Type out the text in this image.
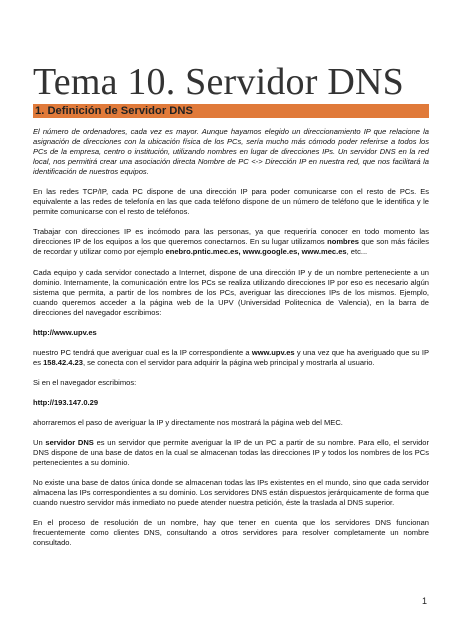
Tema 10. Servidor DNS
1. Definición de Servidor DNS

El número de ordenadores, cada vez es mayor. Aunque hayamos elegido un direccionamiento IP que relacione la asignación de direcciones con la ubicación física de los PCs, sería mucho más cómodo poder referirse a todos los PCs de la empresa, centro o institución, utilizando nombres en lugar de direcciones IPs. Un servidor DNS en la red local, nos permitirá crear una asociación directa Nombre de PC <-> Dirección IP en nuestra red, que nos facilitará la identificación de nuestros equipos.

En las redes TCP/IP, cada PC dispone de una dirección IP para poder comunicarse con el resto de PCs. Es equivalente a las redes de telefonía en las que cada teléfono dispone de un número de teléfono que le identifica y le permite comunicarse con el resto de teléfonos.

Trabajar con direcciones IP es incómodo para las personas, ya que requeriría conocer en todo momento las direcciones IP de los equipos a los que queremos conectarnos. En su lugar utilizamos nombres que son más fáciles de recordar y utilizar como por ejemplo enebro.pntic.mec.es, www.google.es, www.mec.es, etc...

Cada equipo y cada servidor conectado a Internet, dispone de una dirección IP y de un nombre perteneciente a un dominio. Internamente, la comunicación entre los PCs se realiza utilizando direcciones IP por eso es necesario algún sistema que permita, a partir de los nombres de los PCs, averiguar las direcciones IPs de los mismos. Ejemplo, cuando queremos acceder a la página web de la UPV (Universidad Politecnica de Valencia), en la barra de direcciones del navegador escribimos:

http://www.upv.es

nuestro PC tendrá que averiguar cual es la IP correspondiente a www.upv.es y una vez que ha averiguado que su IP es 158.42.4.23, se conecta con el servidor para adquirir la página web principal y mostrarla al usuario.

Si en el navegador escribimos:

http://193.147.0.29

ahorraremos el paso de averiguar la IP y directamente nos mostrará la página web del MEC.

Un servidor DNS es un servidor que permite averiguar la IP de un PC a partir de su nombre. Para ello, el servidor DNS dispone de una base de datos en la cual se almacenan todas las direcciones IP y todos los nombres de los PCs pertenecientes a su dominio.

No existe una base de datos única donde se almacenan todas las IPs existentes en el mundo, sino que cada servidor almacena las IPs correspondientes a su dominio. Los servidores DNS están dispuestos jerárquicamente de forma que cuando nuestro servidor más inmediato no puede atender nuestra petición, éste la traslada al DNS superior.

En el proceso de resolución de un nombre, hay que tener en cuenta que los servidores DNS funcionan frecuentemente como clientes DNS, consultando a otros servidores para resolver completamente un nombre consultado.

1
